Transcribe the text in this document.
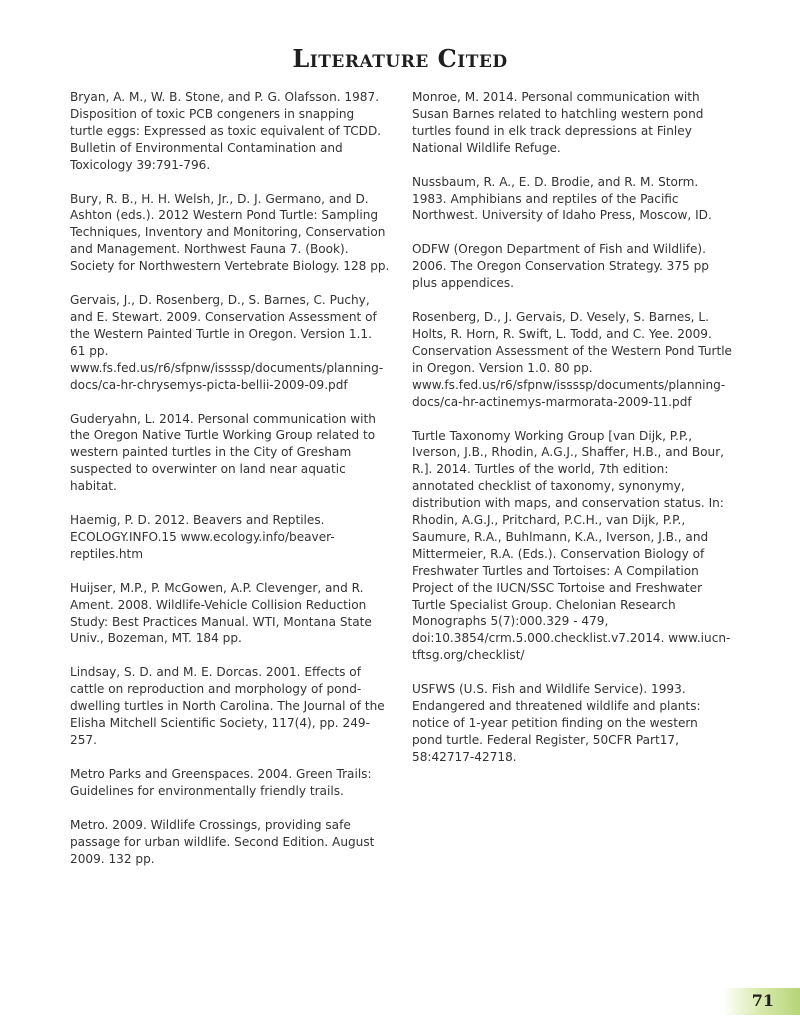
Literature Cited

Bryan, A. M., W. B. Stone, and P. G. Olafsson. 1987. Disposition of toxic PCB congeners in snapping turtle eggs: Expressed as toxic equivalent of TCDD. Bulletin of Environmental Contamination and Toxicology 39:791-796.

Bury, R. B., H. H. Welsh, Jr., D. J. Germano, and D. Ashton (eds.). 2012 Western Pond Turtle: Sampling Techniques, Inventory and Monitoring, Conservation and Management. Northwest Fauna 7. (Book). Society for Northwestern Vertebrate Biology. 128 pp.

Gervais, J., D. Rosenberg, D., S. Barnes, C. Puchy, and E. Stewart. 2009. Conservation Assessment of the Western Painted Turtle in Oregon. Version 1.1. 61 pp. www.fs.fed.us/r6/sfpnw/issssp/documents/planning-docs/ca-hr-chrysemys-picta-bellii-2009-09.pdf

Guderyahn, L. 2014. Personal communication with the Oregon Native Turtle Working Group related to western painted turtles in the City of Gresham suspected to overwinter on land near aquatic habitat.

Haemig, P. D. 2012. Beavers and Reptiles. ECOLOGY.INFO.15 www.ecology.info/beaver-reptiles.htm

Huijser, M.P., P. McGowen, A.P. Clevenger, and R. Ament. 2008. Wildlife-Vehicle Collision Reduction Study: Best Practices Manual. WTI, Montana State Univ., Bozeman, MT. 184 pp.

Lindsay, S. D. and M. E. Dorcas. 2001. Effects of cattle on reproduction and morphology of pond-dwelling turtles in North Carolina. The Journal of the Elisha Mitchell Scientific Society, 117(4), pp. 249-257.

Metro Parks and Greenspaces. 2004. Green Trails: Guidelines for environmentally friendly trails.

Metro. 2009. Wildlife Crossings, providing safe passage for urban wildlife. Second Edition. August 2009. 132 pp.

Monroe, M. 2014. Personal communication with Susan Barnes related to hatchling western pond turtles found in elk track depressions at Finley National Wildlife Refuge.

Nussbaum, R. A., E. D. Brodie, and R. M. Storm. 1983. Amphibians and reptiles of the Pacific Northwest. University of Idaho Press, Moscow, ID.

ODFW (Oregon Department of Fish and Wildlife). 2006. The Oregon Conservation Strategy. 375 pp plus appendices.

Rosenberg, D., J. Gervais, D. Vesely, S. Barnes, L. Holts, R. Horn, R. Swift, L. Todd, and C. Yee. 2009. Conservation Assessment of the Western Pond Turtle in Oregon. Version 1.0. 80 pp. www.fs.fed.us/r6/sfpnw/issssp/documents/planning-docs/ca-hr-actinemys-marmorata-2009-11.pdf

Turtle Taxonomy Working Group [van Dijk, P.P., Iverson, J.B., Rhodin, A.G.J., Shaffer, H.B., and Bour, R.]. 2014. Turtles of the world, 7th edition: annotated checklist of taxonomy, synonymy, distribution with maps, and conservation status. In: Rhodin, A.G.J., Pritchard, P.C.H., van Dijk, P.P., Saumure, R.A., Buhlmann, K.A., Iverson, J.B., and Mittermeier, R.A. (Eds.). Conservation Biology of Freshwater Turtles and Tortoises: A Compilation Project of the IUCN/SSC Tortoise and Freshwater Turtle Specialist Group. Chelonian Research Monographs 5(7):000.329 - 479, doi:10.3854/crm.5.000.checklist.v7.2014. www.iucn-tftsg.org/checklist/

USFWS (U.S. Fish and Wildlife Service). 1993. Endangered and threatened wildlife and plants: notice of 1-year petition finding on the western pond turtle. Federal Register, 50CFR Part17, 58:42717-42718.

71
